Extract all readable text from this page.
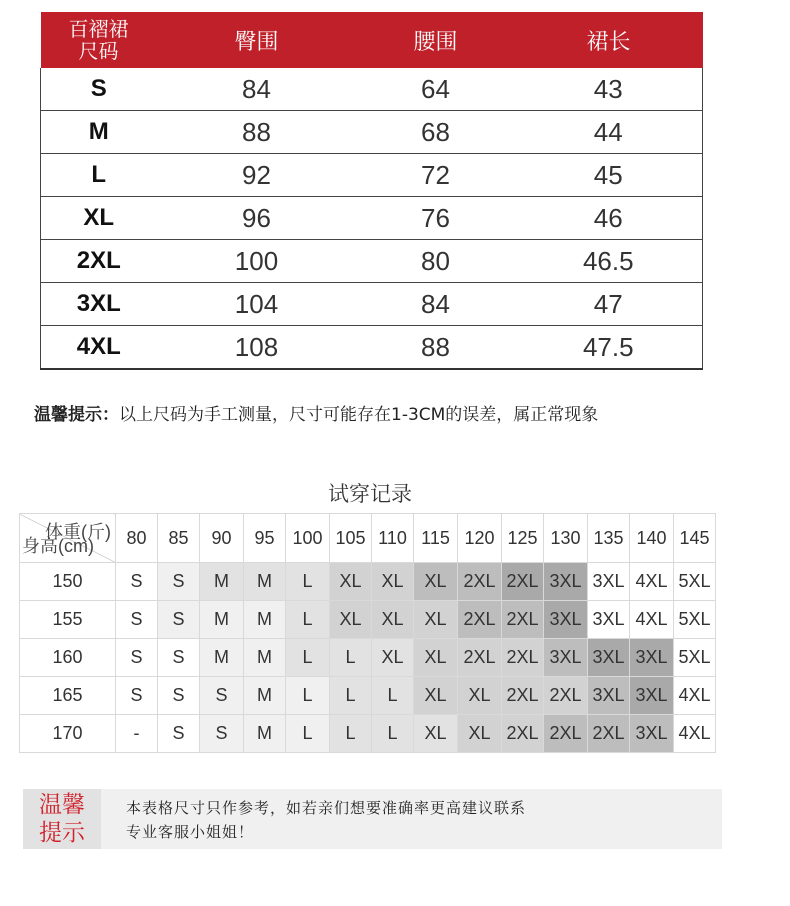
百褶裙
尺码	臀围	腰围	裙长
S	84	64	43
M	88	68	44
L	92	72	45
XL	96	76	46
2XL	100	80	46.5
3XL	104	84	47
4XL	108	88	47.5
温馨提示：以上尺码为手工测量，尺寸可能存在1-3CM的误差，属正常现象
试穿记录
体重(斤)
身高(cm)	80	85	90	95	100	105	110	115	120	125	130	135	140	145
150	S	S	M	M	L	XL	XL	XL	2XL	2XL	3XL	3XL	4XL	5XL
155	S	S	M	M	L	XL	XL	XL	2XL	2XL	3XL	3XL	4XL	5XL
160	S	S	M	M	L	L	XL	XL	2XL	2XL	3XL	3XL	3XL	5XL
165	S	S	S	M	L	L	L	XL	XL	2XL	2XL	3XL	3XL	4XL
170	-	S	S	M	L	L	L	XL	XL	2XL	2XL	2XL	3XL	4XL
温馨
提示
本表格尺寸只作参考，如若亲们想要准确率更高建议联系
专业客服小姐姐！
